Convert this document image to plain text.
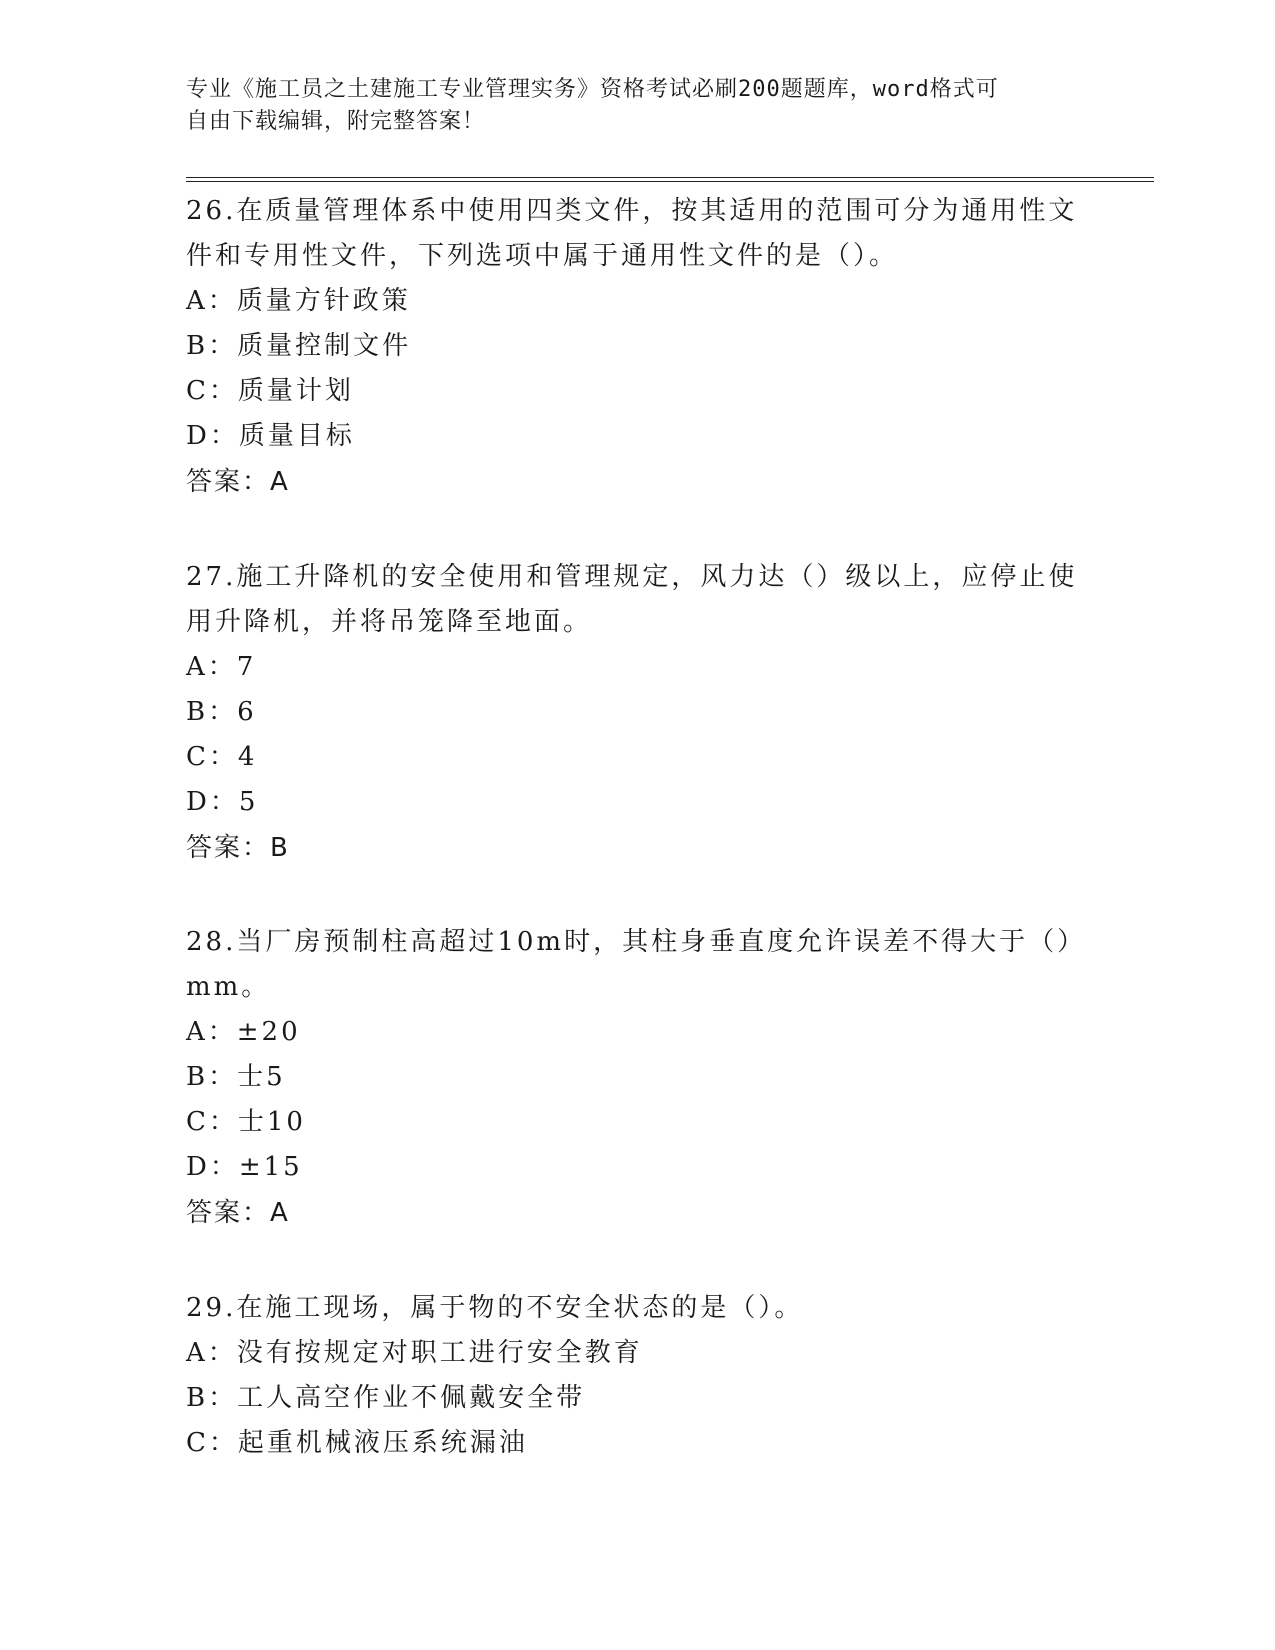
专业《施工员之土建施工专业管理实务》资格考试必刷200题题库，word格式可
自由下载编辑，附完整答案！
26.在质量管理体系中使用四类文件，按其适用的范围可分为通用性文
件和专用性文件，下列选项中属于通用性文件的是（）。
A：质量方针政策
B：质量控制文件
C：质量计划
D：质量目标
答案：A
27.施工升降机的安全使用和管理规定，风力达（）级以上，应停止使
用升降机，并将吊笼降至地面。
A：7
B：6
C：4
D：5
答案：B
28.当厂房预制柱高超过10m时，其柱身垂直度允许误差不得大于（）
mm。
A：±20
B：士5
C：士10
D：±15
答案：A
29.在施工现场，属于物的不安全状态的是（）。
A：没有按规定对职工进行安全教育
B：工人高空作业不佩戴安全带
C：起重机械液压系统漏油
